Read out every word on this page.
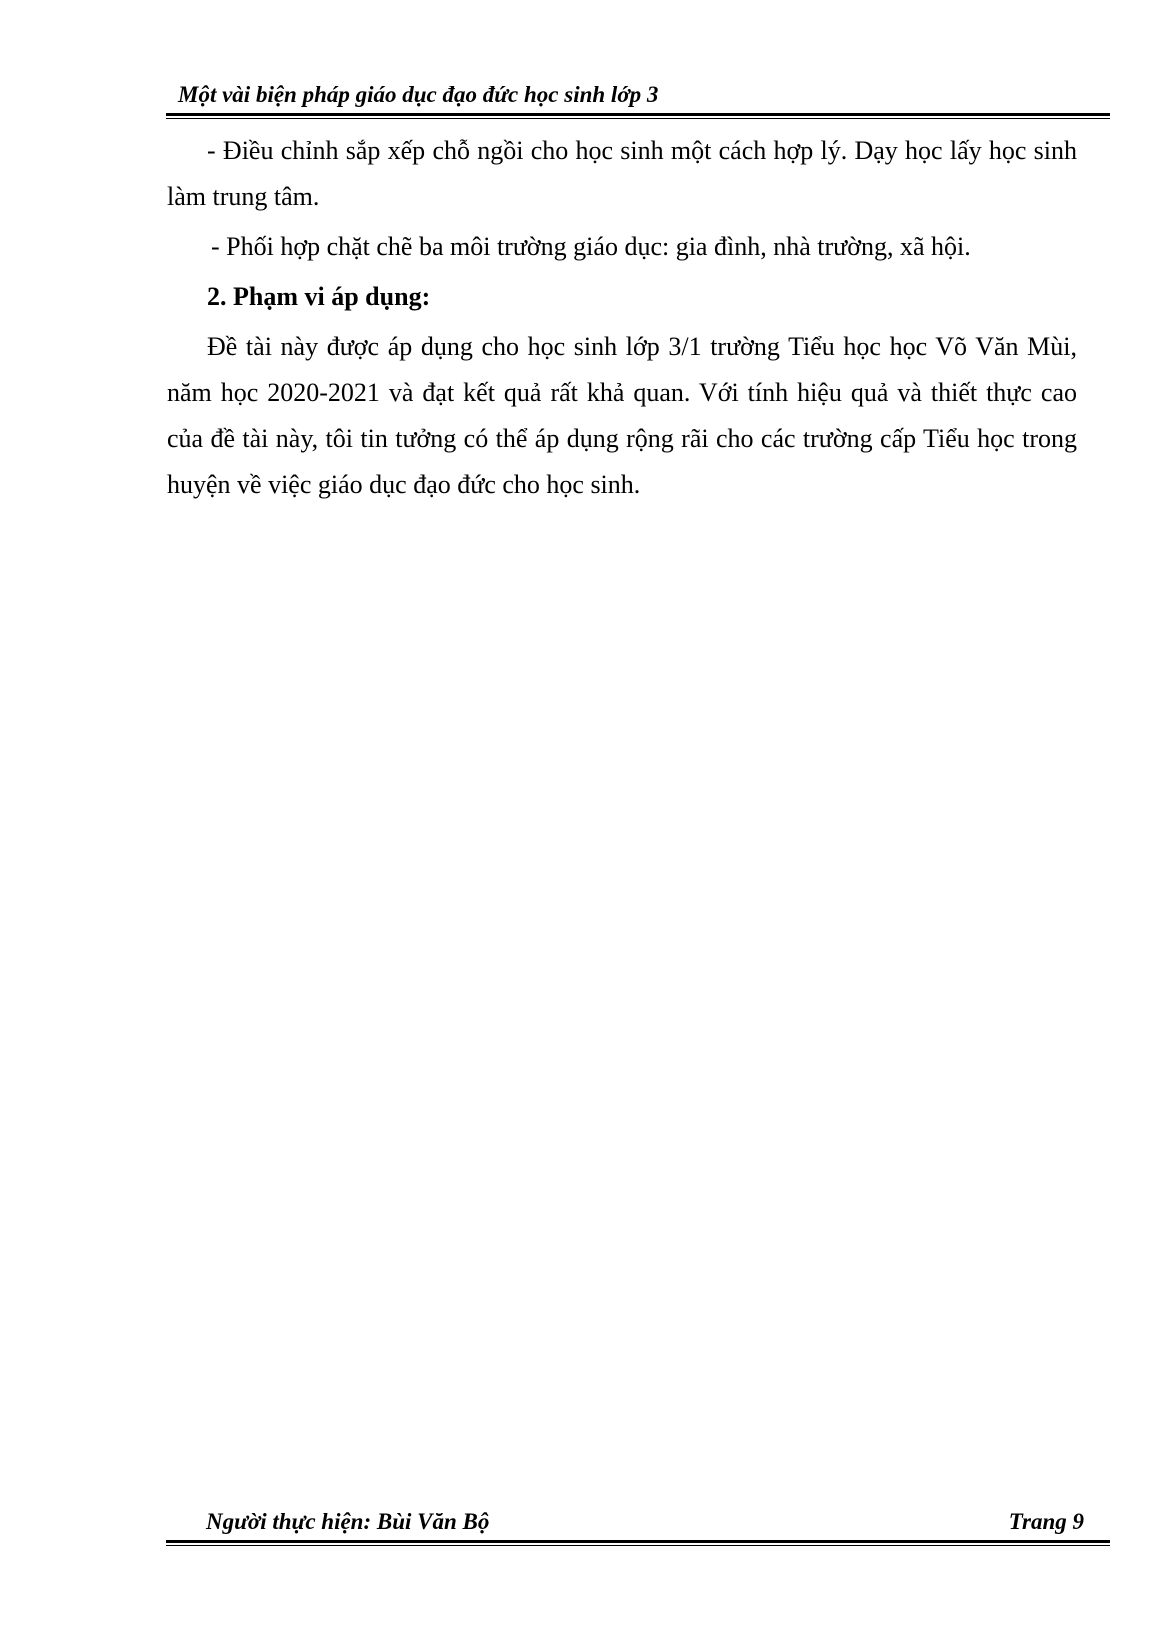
Một vài biện pháp giáo dục đạo đức học sinh lớp 3

- Điều chỉnh sắp xếp chỗ ngồi cho học sinh một cách hợp lý. Dạy học lấy học sinh làm trung tâm.

- Phối hợp chặt chẽ ba môi trường giáo dục: gia đình, nhà trường, xã hội.

2. Phạm vi áp dụng:

Đề tài này được áp dụng cho học sinh lớp 3/1 trường Tiểu học học Võ Văn Mùi, năm học 2020-2021 và đạt kết quả rất khả quan. Với tính hiệu quả và thiết thực cao của đề tài này, tôi tin tưởng có thể áp dụng rộng rãi cho các trường cấp Tiểu học trong huyện về việc giáo dục đạo đức cho học sinh.

Người thực hiện: Bùi Văn Bộ	Trang 9
